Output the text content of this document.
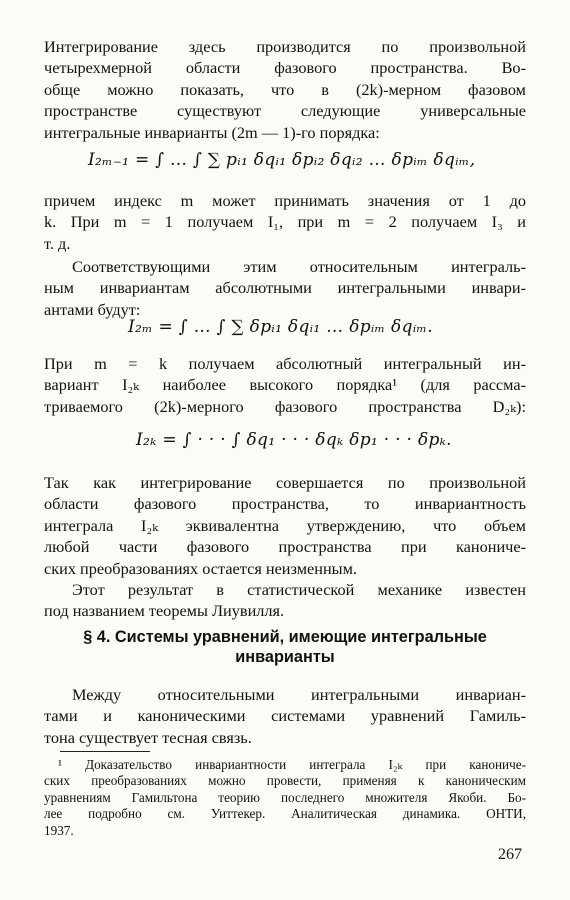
Интегрирование здесь производится по произвольной
четырехмерной области фазового пространства. Во-
обще можно показать, что в (2k)-мерном фазовом
пространстве существуют следующие универсальные
интегральные инварианты (2m — 1)-го порядка:

I₂ₘ₋₁ = ∫ … ∫ ∑ pᵢ₁ δqᵢ₁ δpᵢ₂ δqᵢ₂ … δpᵢₘ δqᵢₘ,

причем индекс m может принимать значения от 1 до
k. При m = 1 получаем I₁, при m = 2 получаем I₃ и
т. д.

Соответствующими этим относительным интеграль-
ным инвариантам абсолютными интегральными инвари-
антами будут:

I₂ₘ = ∫ … ∫ ∑ δpᵢ₁ δqᵢ₁ … δpᵢₘ δqᵢₘ.

При m = k получаем абсолютный интегральный ин-
вариант I₂ₖ наиболее высокого порядка¹ (для рассма-
триваемого (2k)-мерного фазового пространства D₂ₖ):

I₂ₖ = ∫ · · · ∫ δq₁ · · · δqₖ δp₁ · · · δpₖ.

Так как интегрирование совершается по произвольной
области фазового пространства, то инвариантность
интеграла I₂ₖ эквивалентна утверждению, что объем
любой части фазового пространства при канониче-
ских преобразованиях остается неизменным.

Этот результат в статистической механике известен
под названием теоремы Лиувилля.

§ 4. Системы уравнений, имеющие интегральные
инварианты

Между относительными интегральными инвариан-
тами и каноническими системами уравнений Гамиль-
тона существует тесная связь.

¹ Доказательство инвариантности интеграла I₂ₖ при канониче-
ских преобразованиях можно провести, применяя к каноническим
уравнениям Гамильтона теорию последнего множителя Якоби. Бо-
лее подробно см. Уиттекер. Аналитическая динамика. ОНТИ,
1937.
267
